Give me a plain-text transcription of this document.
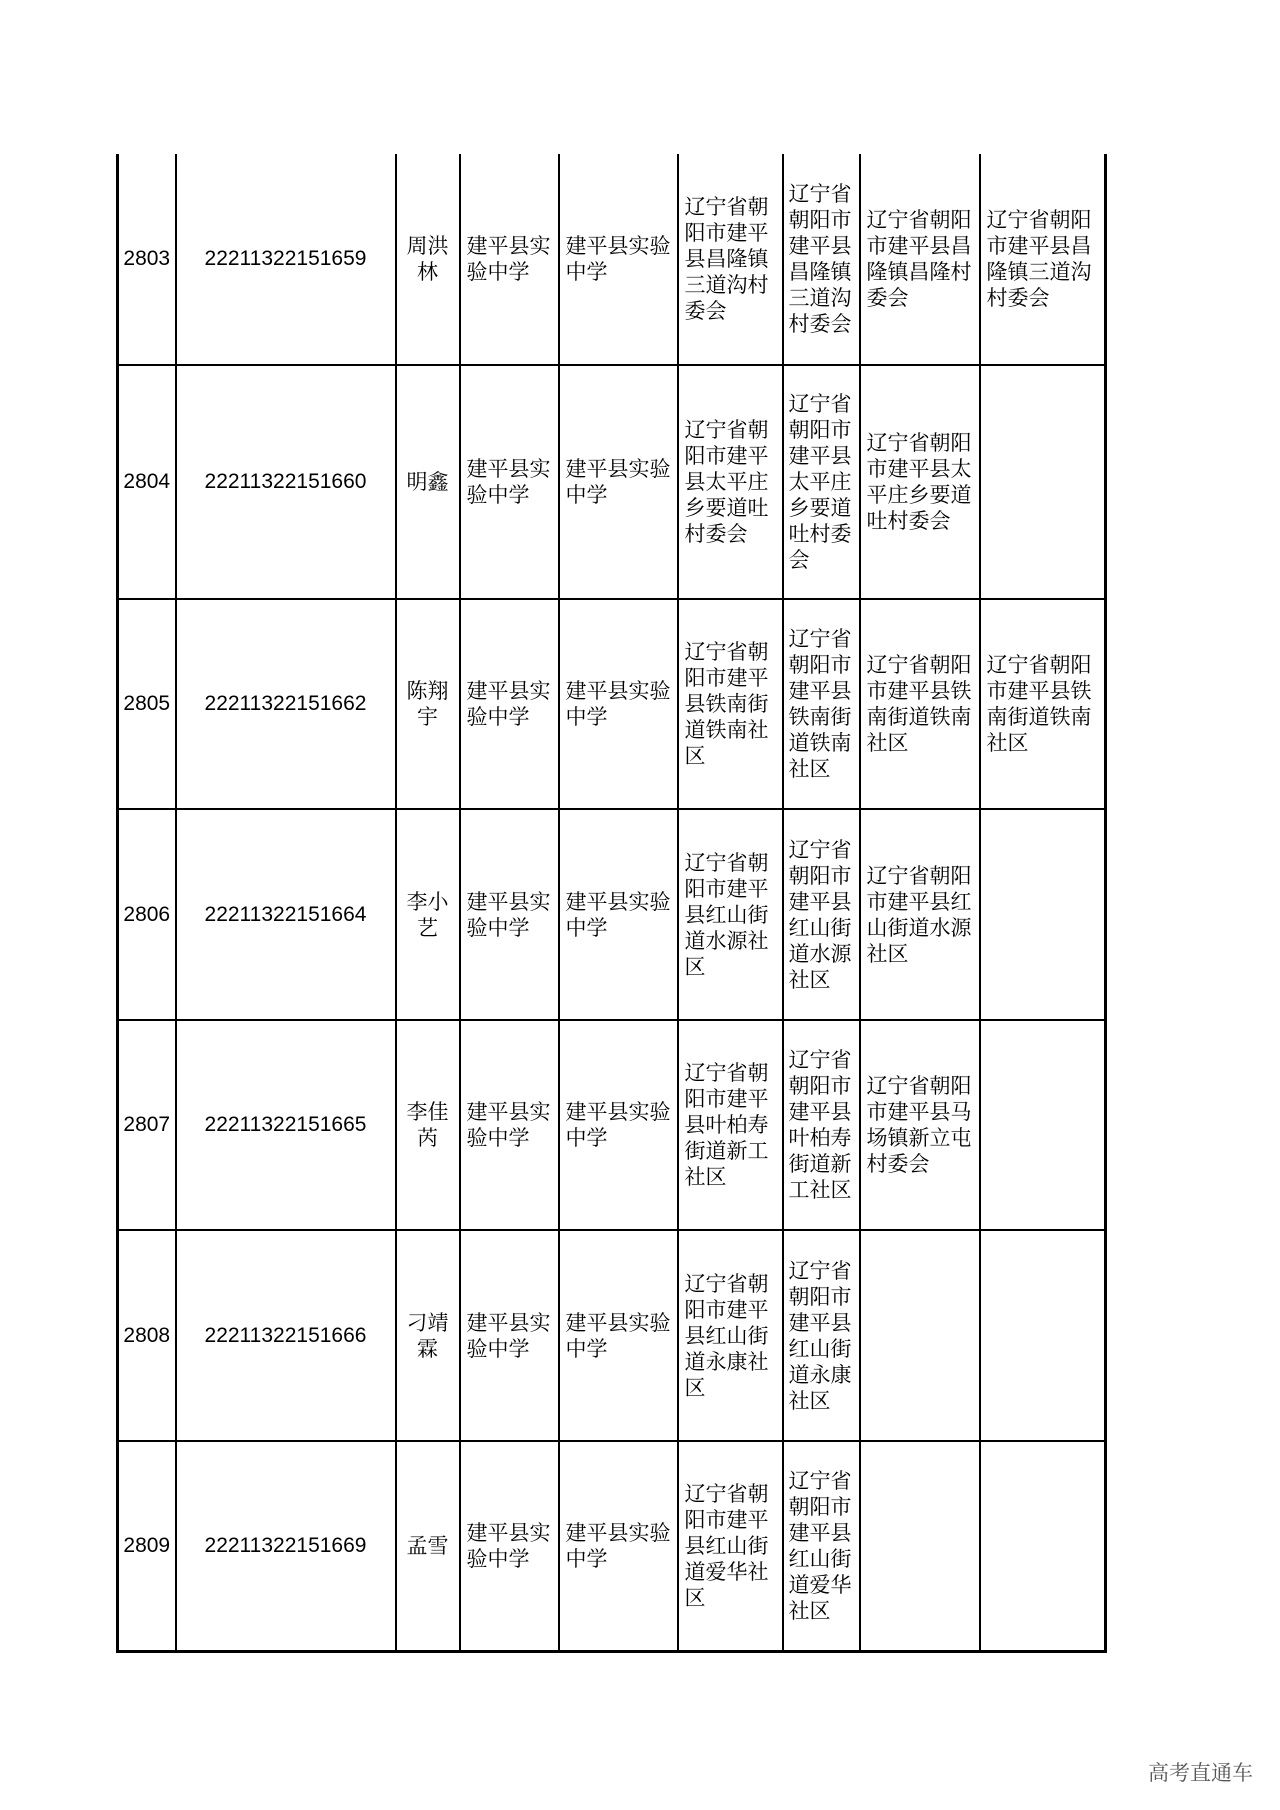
2803	22211322151659	周洪林	建平县实验中学	建平县实验中学	辽宁省朝阳市建平县昌隆镇三道沟村委会	辽宁省朝阳市建平县昌隆镇三道沟村委会	辽宁省朝阳市建平县昌隆镇昌隆村委会	辽宁省朝阳市建平县昌隆镇三道沟村委会

2804	22211322151660	明鑫	建平县实验中学	建平县实验中学	辽宁省朝阳市建平县太平庄乡要道吐村委会	辽宁省朝阳市建平县太平庄乡要道吐村委会	辽宁省朝阳市建平县太平庄乡要道吐村委会	

2805	22211322151662	陈翔宇	建平县实验中学	建平县实验中学	辽宁省朝阳市建平县铁南街道铁南社区	辽宁省朝阳市建平县铁南街道铁南社区	辽宁省朝阳市建平县铁南街道铁南社区	辽宁省朝阳市建平县铁南街道铁南社区

2806	22211322151664	李小艺	建平县实验中学	建平县实验中学	辽宁省朝阳市建平县红山街道水源社区	辽宁省朝阳市建平县红山街道水源社区	辽宁省朝阳市建平县红山街道水源社区	

2807	22211322151665	李佳芮	建平县实验中学	建平县实验中学	辽宁省朝阳市建平县叶柏寿街道新工社区	辽宁省朝阳市建平县叶柏寿街道新工社区	辽宁省朝阳市建平县马场镇新立屯村委会	

2808	22211322151666	刁靖霖	建平县实验中学	建平县实验中学	辽宁省朝阳市建平县红山街道永康社区	辽宁省朝阳市建平县红山街道永康社区		

2809	22211322151669	孟雪	建平县实验中学	建平县实验中学	辽宁省朝阳市建平县红山街道爱华社区	辽宁省朝阳市建平县红山街道爱华社区		

高考直通车
